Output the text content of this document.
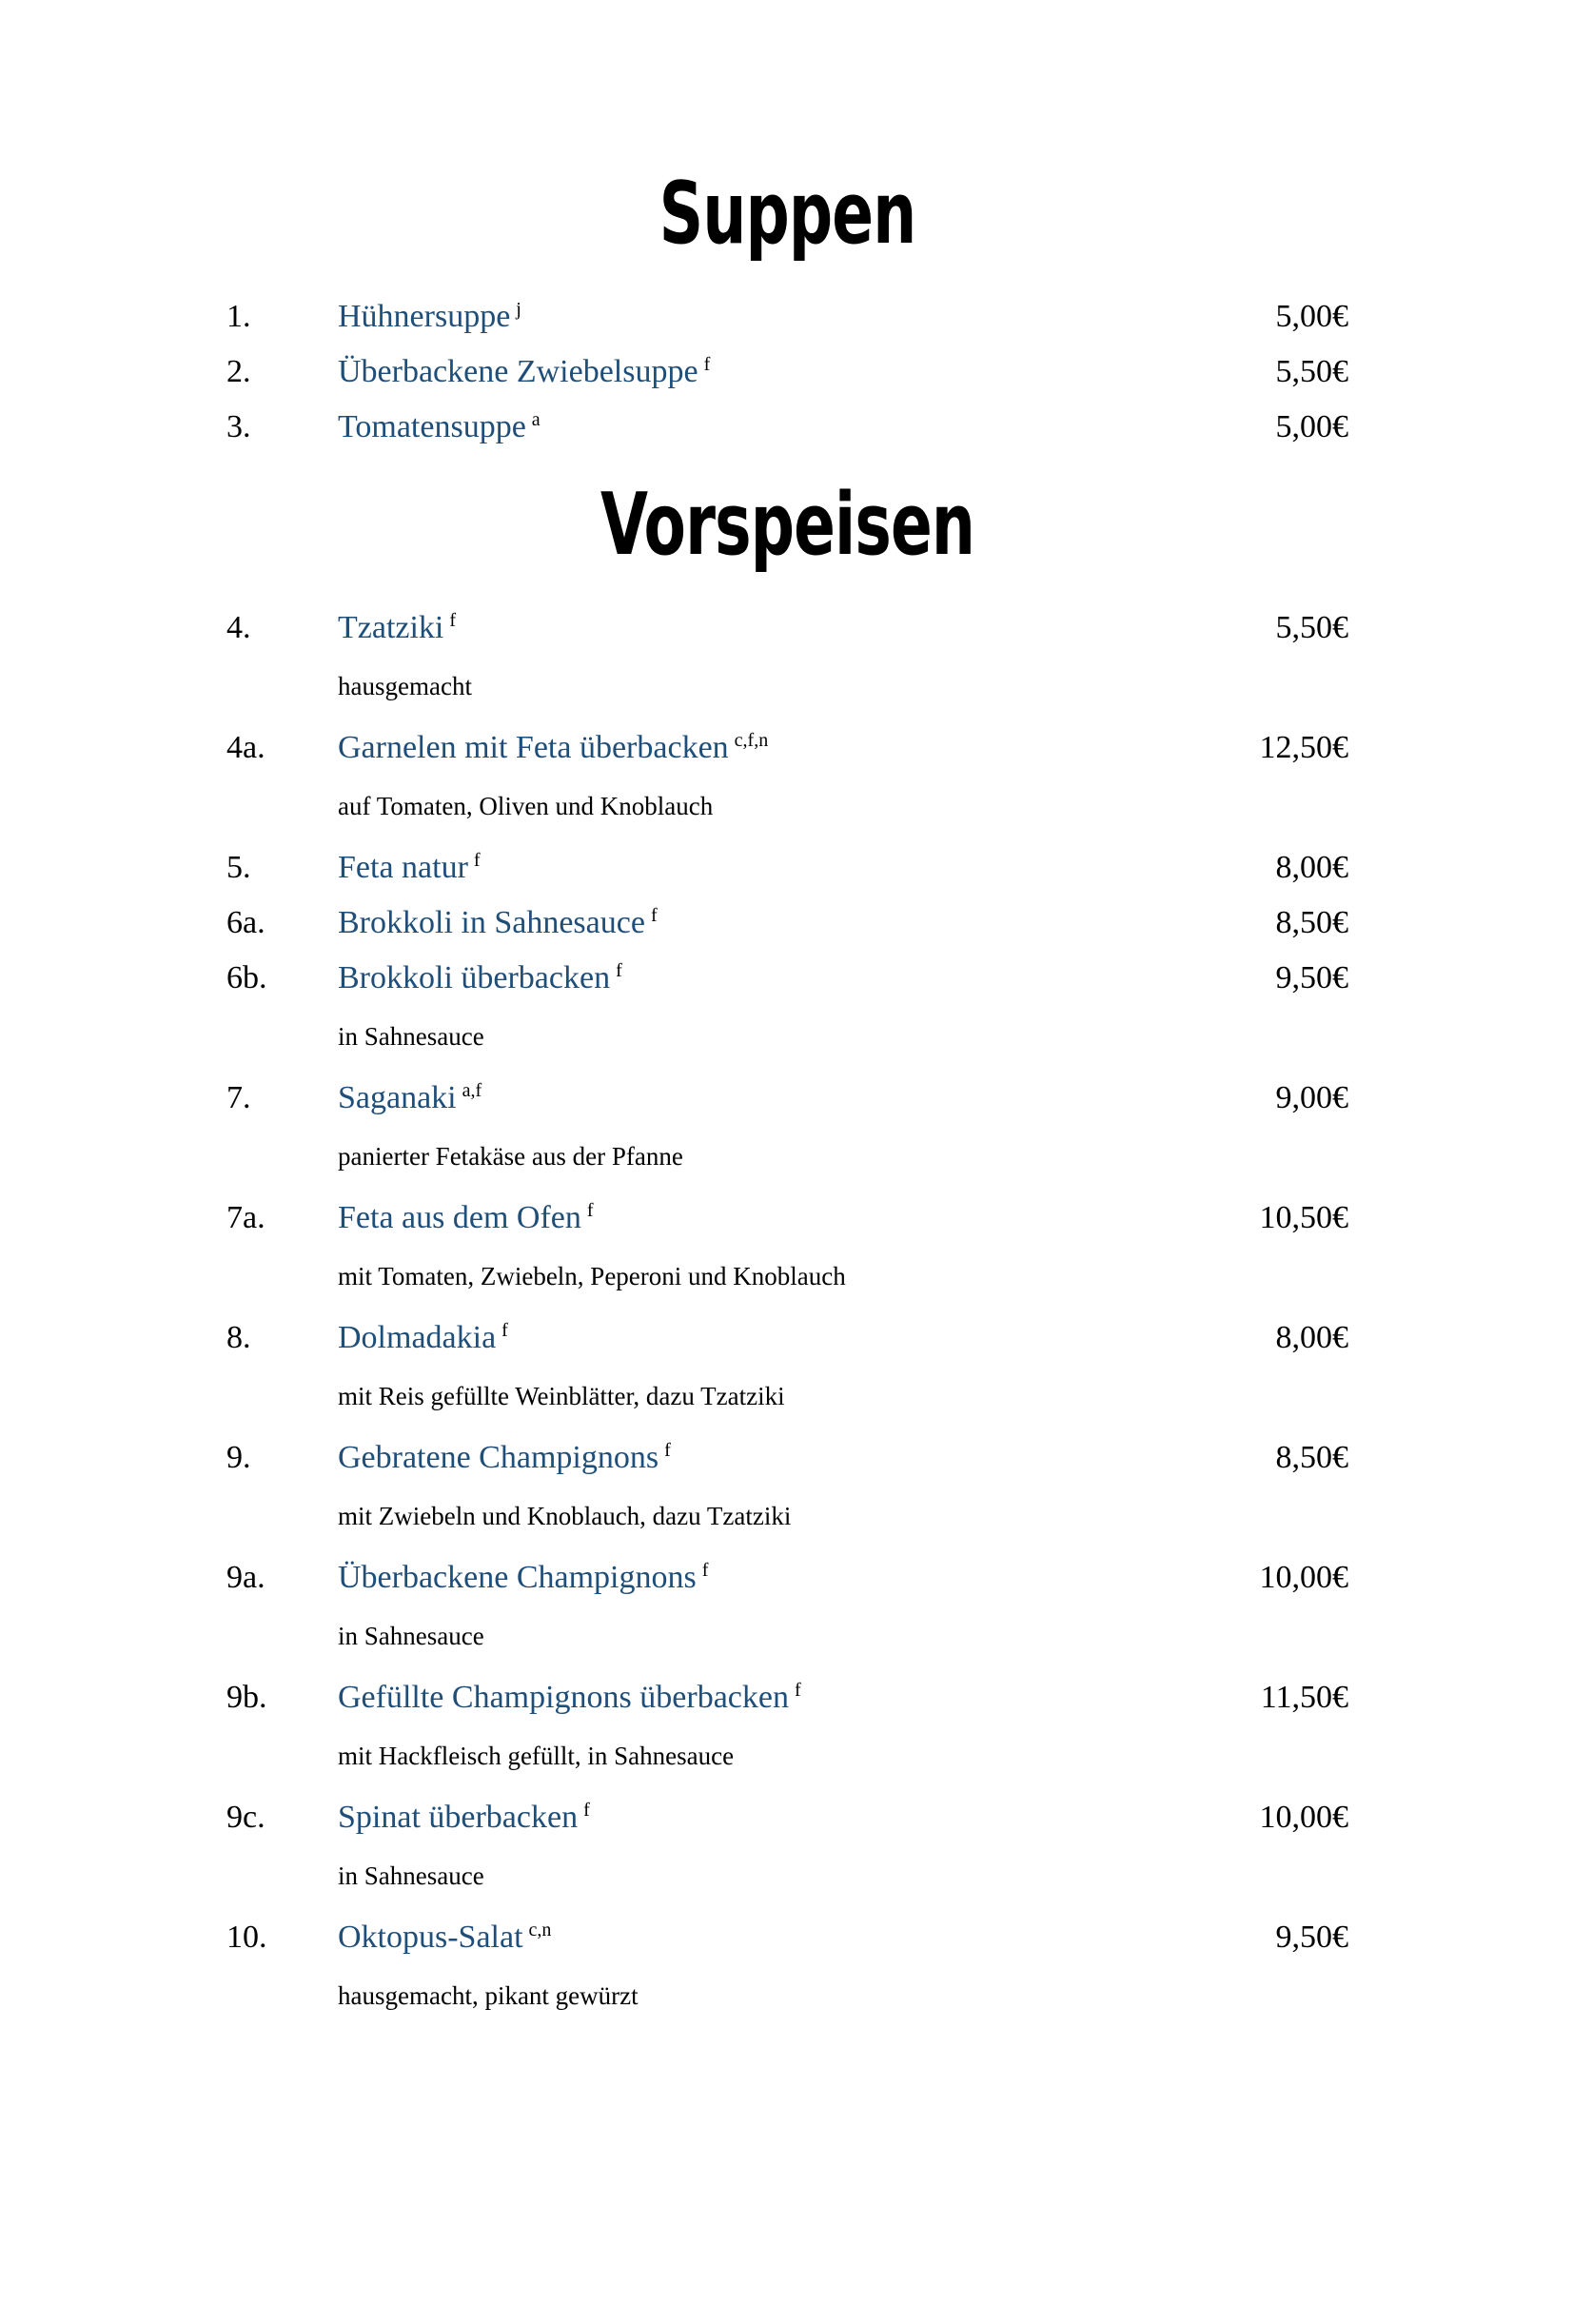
Suppen
1.	Hühnersuppe $^j$	5,00€
2.	Überbackene Zwiebelsuppe $^f$	5,50€
3.	Tomatensuppe $^a$	5,00€
Vorspeisen
4.	Tzatziki $^f$	5,50€
hausgemacht
4a.	Garnelen mit Feta überbacken $^{c,f,n}$	12,50€
auf Tomaten, Oliven und Knoblauch
5.	Feta natur $^f$	8,00€
6a.	Brokkoli in Sahnesauce $^f$	8,50€
6b.	Brokkoli überbacken $^f$	9,50€
in Sahnesauce
7.	Saganaki $^{a,f}$	9,00€
panierter Fetakäse aus der Pfanne
7a.	Feta aus dem Ofen $^f$	10,50€
mit Tomaten, Zwiebeln, Peperoni und Knoblauch
8.	Dolmadakia $^f$	8,00€
mit Reis gefüllte Weinblätter, dazu Tzatziki
9.	Gebratene Champignons $^f$	8,50€
mit Zwiebeln und Knoblauch, dazu Tzatziki
9a.	Überbackene Champignons $^f$	10,00€
in Sahnesauce
9b.	Gefüllte Champignons überbacken $^f$	11,50€
mit Hackfleisch gefüllt, in Sahnesauce
9c.	Spinat überbacken $^f$	10,00€
in Sahnesauce
10.	Oktopus-Salat $^{c,n}$	9,50€
hausgemacht, pikant gewürzt
